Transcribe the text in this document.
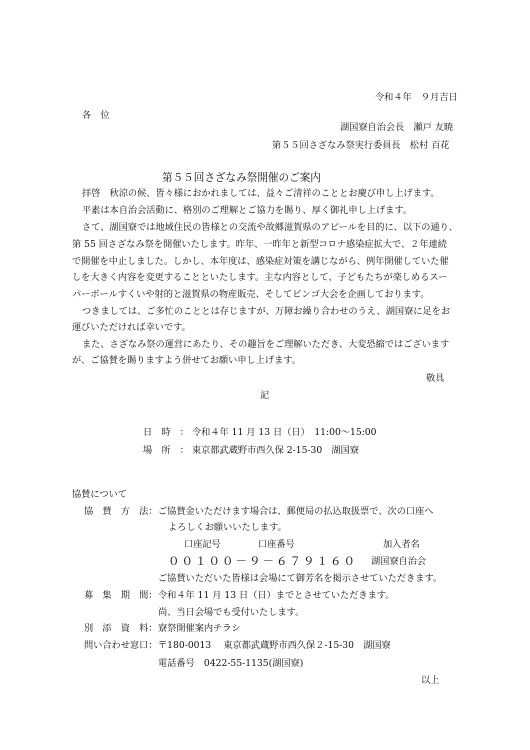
令和４年　９月吉日
各　位
湖国寮自治会長　瀬戸 友暁
第５５回さざなみ祭実行委員長　松村 百花
第５５回さざなみ祭開催のご案内
拝啓　秋涼の候、皆々様におかれましては、益々ご清祥のこととお慶び申し上げます。
平素は本自治会活動に、格別のご理解とご協力を賜り、厚く御礼申し上げます。
さて、湖国寮では地域住民の皆様との交流や故郷滋賀県のアピールを目的に、以下の通り、
第 55 回さざなみ祭を開催いたします。昨年、一昨年と新型コロナ感染症拡大で、２年連続
で開催を中止しました。しかし、本年度は、感染症対策を講じながら、例年開催していた催
しを大きく内容を変更することといたします。主な内容として、子どもたちが楽しめるスー
パーボールすくいや射的と滋賀県の物産販売、そしてビンゴ大会を企画しております。
つきましては、ご多忙のこととは存じますが、万障お繰り合わせのうえ、湖国寮に足をお
運びいただければ幸いです。
また、さざなみ祭の運営にあたり、その趣旨をご理解いただき、大変恐縮ではございます
が、ご協賛を賜りますよう併せてお願い申し上げます。
敬具
記
日　時　： 令和４年 11 月 13 日（日）　11:00〜15:00
場　所　： 東京都武蔵野市西久保 2-15-30　湖国寮
協賛について
協　賛　方　法： ご協賛金いただけます場合は、郵便局の払込取扱票で、次の口座へ
よろしくお願いいたします。
口座記号	口座番号	加入者名
００１００－９－６７９１６０ 湖国寮自治会
ご協賛いただいた皆様は会場にて御芳名を掲示させていただきます。
募　集　期　間： 令和４年 11 月 13 日（日）までとさせていただきます。
尚、当日会場でも受付いたします。
別　添　資　料： 寮祭開催案内チラシ
問い合わせ窓口： 〒180-0013　 東京都武蔵野市西久保２-15-30　湖国寮
電話番号　0422-55-1135(湖国寮)
以上
